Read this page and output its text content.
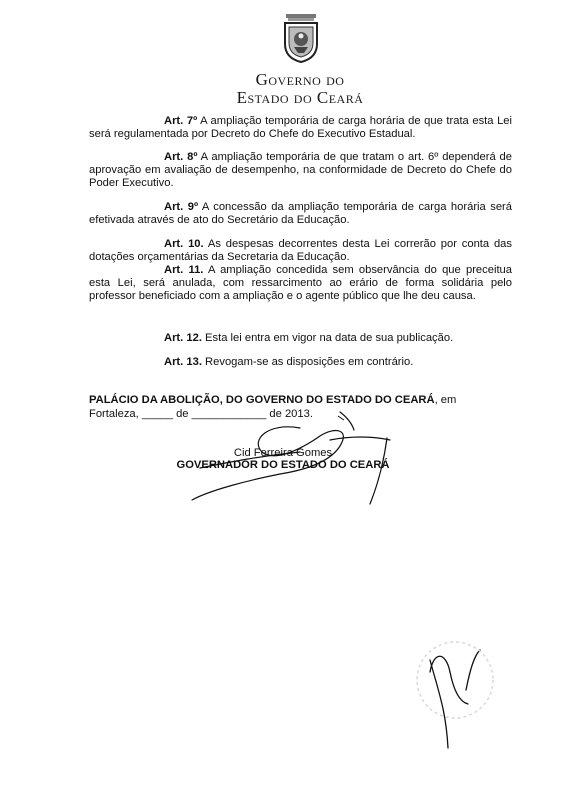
Governo do

Estado do Ceará

Art. 7º A ampliação temporária de carga horária de que trata esta Lei será regulamentada por Decreto do Chefe do Executivo Estadual.

Art. 8º A ampliação temporária de que tratam o art. 6º dependerá de aprovação em avaliação de desempenho, na conformidade de Decreto do Chefe do Poder Executivo.

Art. 9º A concessão da ampliação temporária de carga horária será efetivada através de ato do Secretário da Educação.

Art. 10. As despesas decorrentes desta Lei correrão por conta das dotações orçamentárias da Secretaria da Educação.

Art. 11. A ampliação concedida sem observância do que preceitua esta Lei, será anulada, com ressarcimento ao erário de forma solidária pelo professor beneficiado com a ampliação e o agente público que lhe deu causa.

Art. 12. Esta lei entra em vigor na data de sua publicação.

Art. 13. Revogam-se as disposições em contrário.

PALÁCIO DA ABOLIÇÃO, DO GOVERNO DO ESTADO DO CEARÁ, em

Fortaleza, _____ de ____________ de 2013.

Cid Ferreira Gomes

GOVERNADOR DO ESTADO DO CEARÁ
